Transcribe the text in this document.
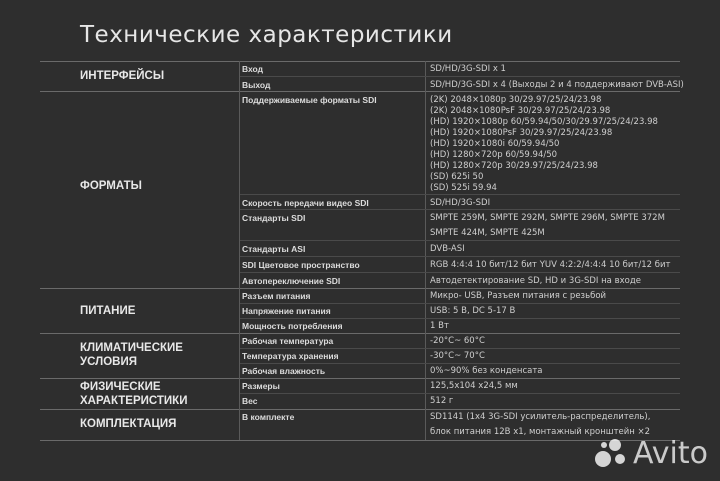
Технические характеристики
ИНТЕРФЕЙСЫ
ФОРМАТЫ
ПИТАНИЕ
КЛИМАТИЧЕСКИЕ
УСЛОВИЯ
ФИЗИЧЕСКИЕ
ХАРАКТЕРИСТИКИ
КОМПЛЕКТАЦИЯ
Вход
Выход
Поддерживаемые форматы SDI
Скорость передачи видео SDI
Стандарты SDI
Стандарты ASI
SDI Цветовое пространство
Автопереключение SDI
Разъем питания
Напряжение питания
Мощность потребления
Рабочая температура
Температура хранения
Рабочая влажность
Размеры
Вес
В комплекте
SD/HD/3G-SDI x 1
SD/HD/3G-SDI x 4 (Выходы 2 и 4 поддерживают DVB-ASI)
(2K) 2048×1080p 30/29.97/25/24/23.98
(2K) 2048×1080PsF 30/29.97/25/24/23.98
(HD) 1920×1080p 60/59.94/50/30/29.97/25/24/23.98
(HD) 1920×1080PsF 30/29.97/25/24/23.98
(HD) 1920×1080i 60/59.94/50
(HD) 1280×720p 60/59.94/50
(HD) 1280×720p 30/29.97/25/24/23.98
(SD) 625i 50
(SD) 525i 59.94
SD/HD/3G-SDI
SMPTE 259M, SMPTE 292M, SMPTE 296M, SMPTE 372M
SMPTE 424M, SMPTE 425M
DVB-ASI
RGB 4:4:4 10 бит/12 бит YUV 4:2:2/4:4:4 10 бит/12 бит
Автодетектирование SD, HD и 3G-SDI на входе
Микро- USB, Разъем питания с резьбой
USB: 5 В, DC 5-17 В
1 Вт
-20°C~ 60°C
-30°C~ 70°C
0%~90% без конденсата
125,5x104 x24,5 мм
512 г
SD1141 (1x4 3G-SDI усилитель-распределитель),
блок питания 12В x1, монтажный кронштейн ×2
Avito
